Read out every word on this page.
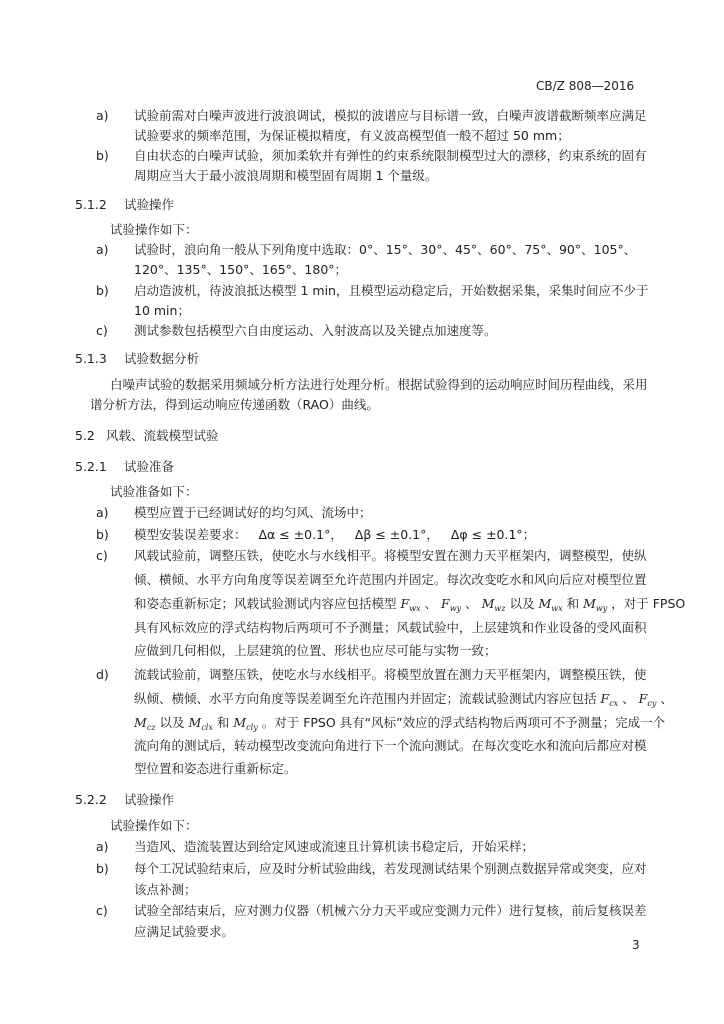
CB/Z 808—2016
a) 试验前需对白噪声波进行波浪调试，模拟的波谱应与目标谱一致，白噪声波谱截断频率应满足
试验要求的频率范围，为保证模拟精度，有义波高模型值一般不超过 50 mm；
b) 自由状态的白噪声试验，须加柔软并有弹性的约束系统限制模型过大的漂移，约束系统的固有
周期应当大于最小波浪周期和模型固有周期 1 个量级。
5.1.2 试验操作
试验操作如下：
a) 试验时，浪向角一般从下列角度中选取：0°、15°、30°、45°、60°、75°、90°、105°、
120°、135°、150°、165°、180°；
b) 启动造波机，待波浪抵达模型 1 min，且模型运动稳定后，开始数据采集，采集时间应不少于
10 min；
c) 测试参数包括模型六自由度运动、入射波高以及关键点加速度等。
5.1.3 试验数据分析
白噪声试验的数据采用频域分析方法进行处理分析。根据试验得到的运动响应时间历程曲线，采用
谱分析方法，得到运动响应传递函数（RAO）曲线。
5.2 风载、流载模型试验
5.2.1 试验准备
试验准备如下：
a) 模型应置于已经调试好的均匀风、流场中；
b) 模型安装误差要求： Δα ≤ ±0.1°， Δβ ≤ ±0.1°， Δφ ≤ ±0.1°；
c) 风载试验前，调整压铁，使吃水与水线相平。将模型安置在测力天平框架内，调整模型，使纵
倾、横倾、水平方向角度等误差调至允许范围内并固定。每次改变吃水和风向后应对模型位置
和姿态重新标定；风载试验测试内容应包括模型 $F_{wx}$ 、 $F_{wy}$ 、 $M_{wz}$ 以及 $M_{wx}$ 和 $M_{wy}$ ，对于 FPSO
具有风标效应的浮式结构物后两项可不予测量；风载试验中，上层建筑和作业设备的受风面积
应做到几何相似，上层建筑的位置、形状也应尽可能与实物一致；
d) 流载试验前，调整压铁，使吃水与水线相平。将模型放置在测力天平框架内，调整模压铁，使
纵倾、横倾、水平方向角度等误差调至允许范围内并固定；流载试验测试内容应包括 $F_{cx}$ 、 $F_{cy}$ 、
$M_{cz}$ 以及 $M_{clx}$ 和 $M_{cly}$ 。对于 FPSO 具有“风标”效应的浮式结构物后两项可不予测量；完成一个
流向角的测试后，转动模型改变流向角进行下一个流向测试。在每次变吃水和流向后都应对模
型位置和姿态进行重新标定。
5.2.2 试验操作
试验操作如下：
a) 当造风、造流装置达到给定风速或流速且计算机读书稳定后，开始采样；
b) 每个工况试验结束后，应及时分析试验曲线，若发现测试结果个别测点数据异常或突变，应对
该点补测；
c) 试验全部结束后，应对测力仪器（机械六分力天平或应变测力元件）进行复核，前后复核误差
应满足试验要求。
3
